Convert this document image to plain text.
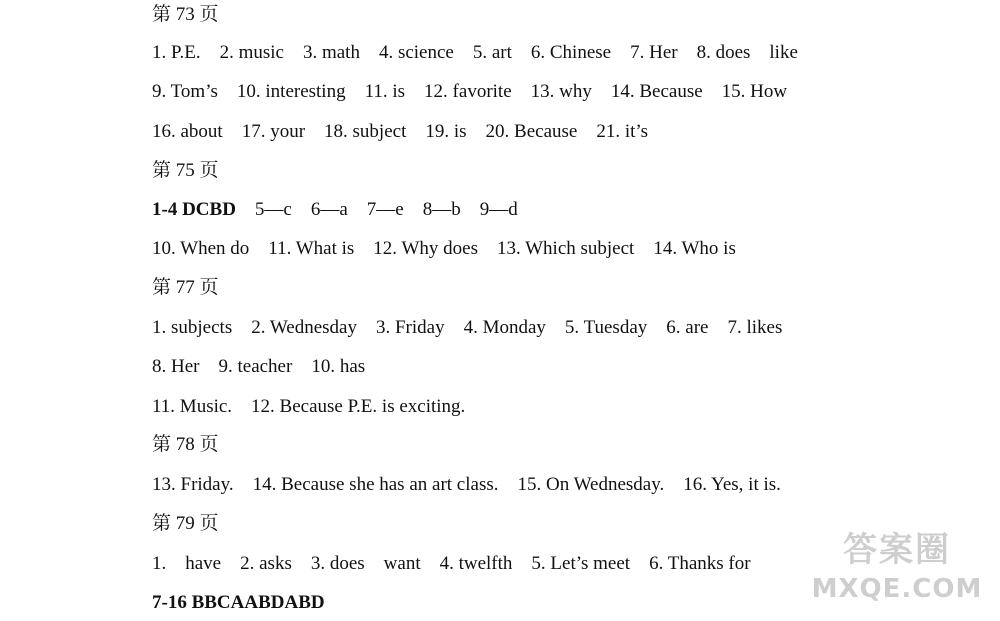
第 73 页
1. P.E.    2. music    3. math    4. science    5. art    6. Chinese    7. Her    8. does    like
9. Tom’s    10. interesting    11. is    12. favorite    13. why    14. Because    15. How
16. about    17. your    18. subject    19. is    20. Because    21. it’s
第 75 页
1-4 DCBD    5—c    6—a    7—e    8—b    9—d
10. When do    11. What is    12. Why does    13. Which subject    14. Who is
第 77 页
1. subjects    2. Wednesday    3. Friday    4. Monday    5. Tuesday    6. are    7. likes
8. Her    9. teacher    10. has
11. Music.    12. Because P.E. is exciting.
第 78 页
13. Friday.    14. Because she has an art class.    15. On Wednesday.    16. Yes, it is.
第 79 页
1.    have    2. asks    3. does    want    4. twelfth    5. Let’s meet    6. Thanks for
7-16 BBCAABDABD
答案圈
MXQE.COM
